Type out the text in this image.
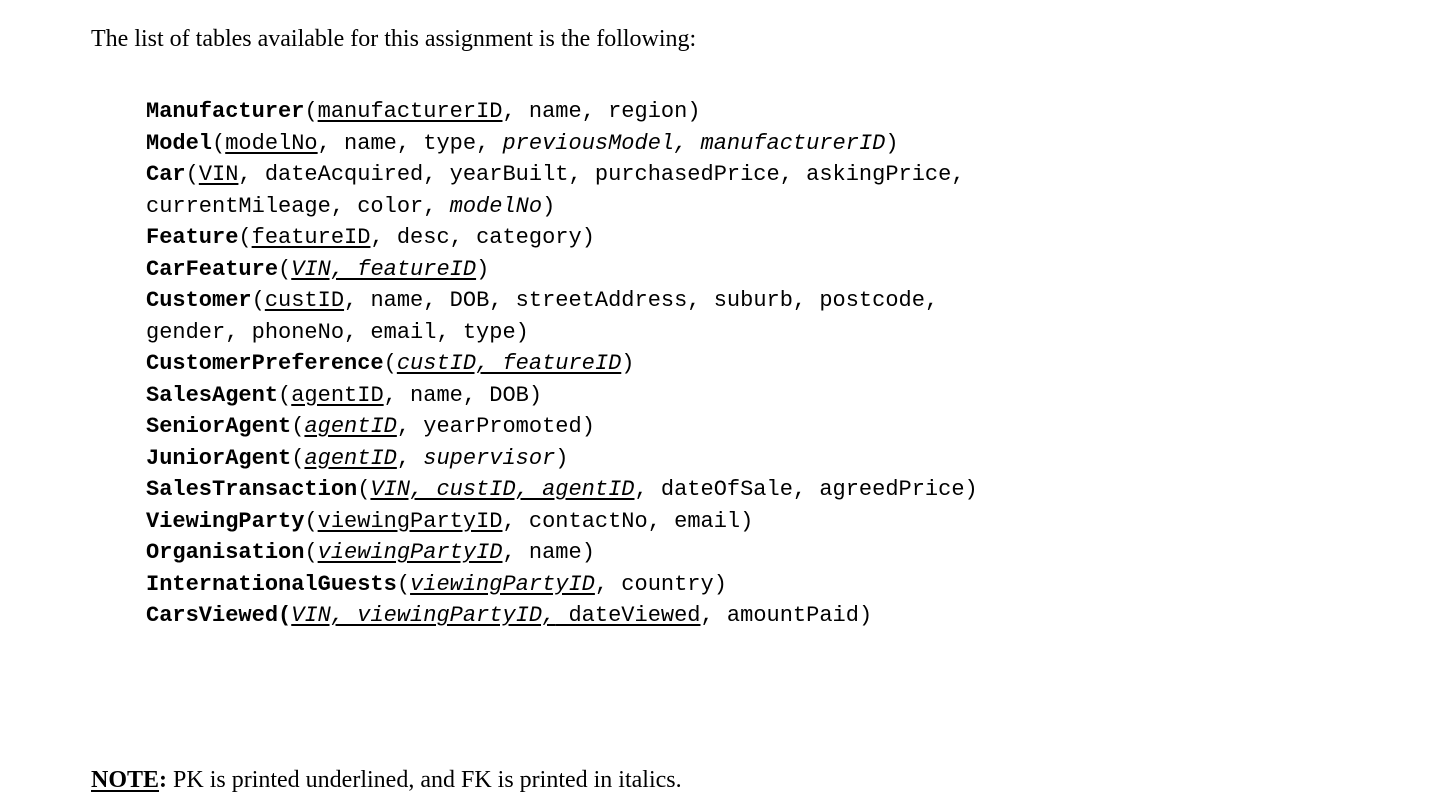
The list of tables available for this assignment is the following:
Manufacturer(manufacturerID, name, region)
Model(modelNo, name, type, previousModel, manufacturerID)
Car(VIN, dateAcquired, yearBuilt, purchasedPrice, askingPrice,
currentMileage, color, modelNo)
Feature(featureID, desc, category)
CarFeature(VIN, featureID)
Customer(custID, name, DOB, streetAddress, suburb, postcode,
gender, phoneNo, email, type)
CustomerPreference(custID, featureID)
SalesAgent(agentID, name, DOB)
SeniorAgent(agentID, yearPromoted)
JuniorAgent(agentID, supervisor)
SalesTransaction(VIN, custID, agentID, dateOfSale, agreedPrice)
ViewingParty(viewingPartyID, contactNo, email)
Organisation(viewingPartyID, name)
InternationalGuests(viewingPartyID, country)
CarsViewed(VIN, viewingPartyID, dateViewed, amountPaid)
NOTE: PK is printed underlined, and FK is printed in italics.
